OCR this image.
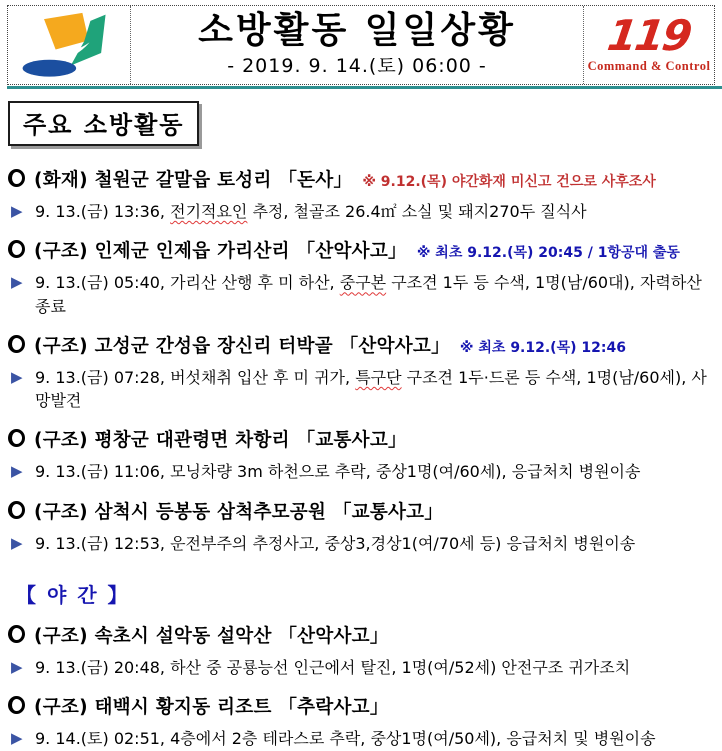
소방활동 일일상황
- 2019. 9. 14.(토) 06:00 -
119
Command & Control
주요 소방활동
(화재) 철원군 갈말읍 토성리 「돈사」 ※ 9.12.(목) 야간화재 미신고 건으로 사후조사
▶ 9. 13.(금) 13:36, 전기적요인 추정, 철골조 26.4㎡ 소실 및 돼지270두 질식사
(구조) 인제군 인제읍 가리산리 「산악사고」 ※ 최초 9.12.(목) 20:45 / 1항공대 출동
▶ 9. 13.(금) 05:40, 가리산 산행 후 미 하산, 중구본 구조견 1두 등 수색, 1명(남/60대), 자력하산 종료
(구조) 고성군 간성읍 장신리 터박골 「산악사고」 ※ 최초 9.12.(목) 12:46
▶ 9. 13.(금) 07:28, 버섯채취 입산 후 미 귀가, 특구단 구조견 1두·드론 등 수색, 1명(남/60세), 사망발견
(구조) 평창군 대관령면 차항리 「교통사고」
▶ 9. 13.(금) 11:06, 모닝차량 3m 하천으로 추락, 중상1명(여/60세), 응급처치 병원이송
(구조) 삼척시 등봉동 삼척추모공원 「교통사고」
▶ 9. 13.(금) 12:53, 운전부주의 추정사고, 중상3,경상1(여/70세 등) 응급처치 병원이송
【 야 간 】
(구조) 속초시 설악동 설악산 「산악사고」
▶ 9. 13.(금) 20:48, 하산 중 공룡능선 인근에서 탈진, 1명(여/52세) 안전구조 귀가조치
(구조) 태백시 황지동 리조트 「추락사고」
▶ 9. 14.(토) 02:51, 4층에서 2층 테라스로 추락, 중상1명(여/50세), 응급처치 및 병원이송
